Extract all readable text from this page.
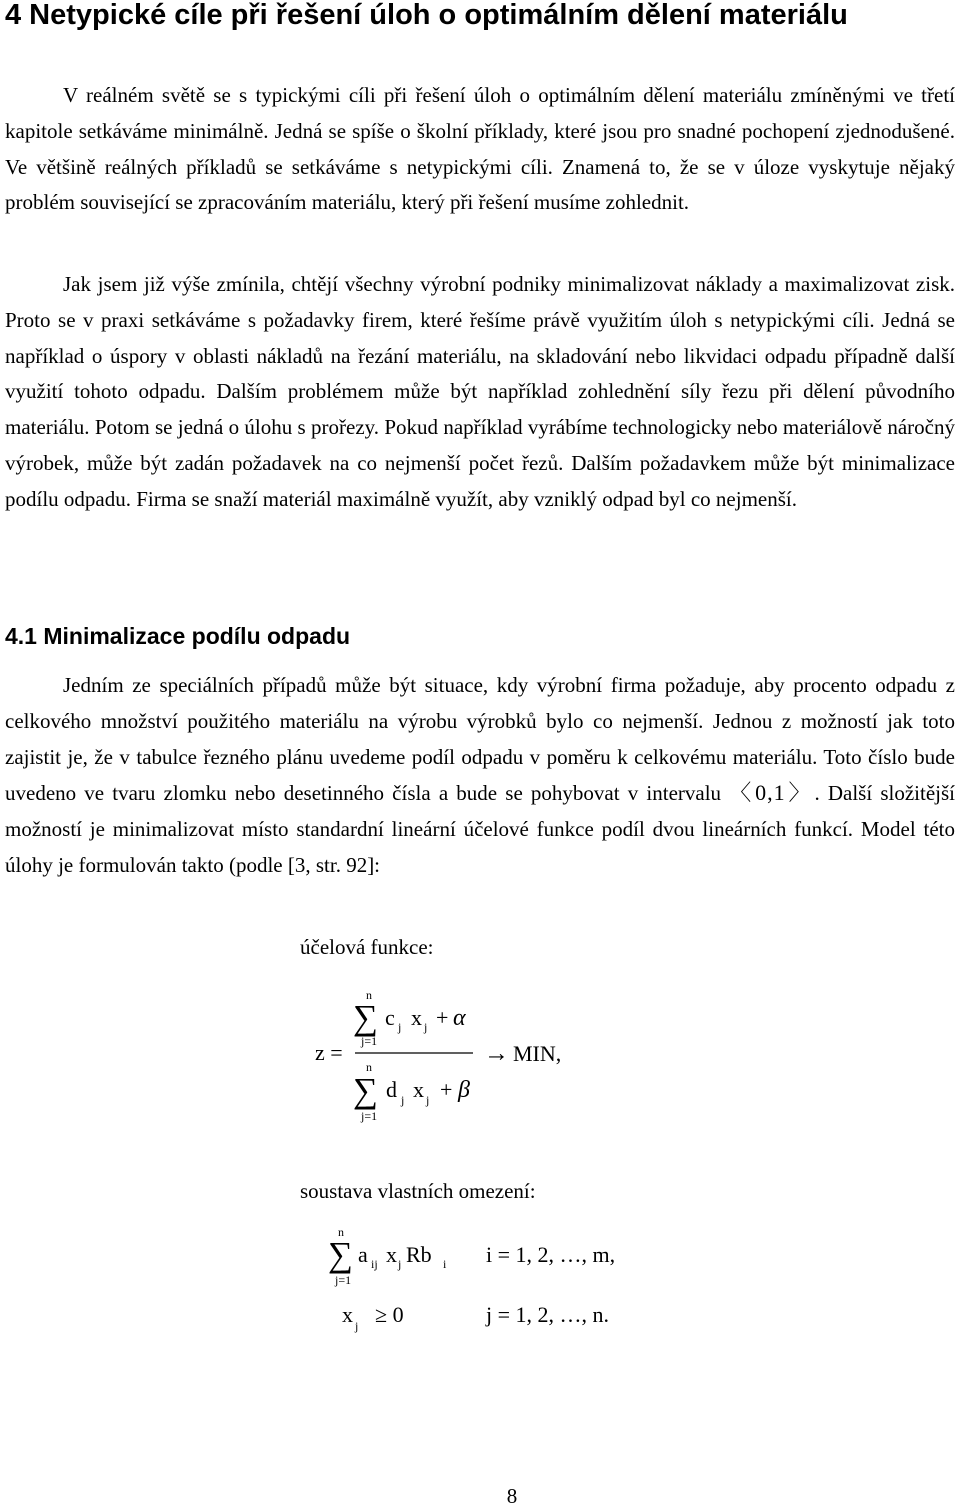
4 Netypické cíle při řešení úloh o optimálním dělení materiálu

V reálném světě se s typickými cíli při řešení úloh o optimálním dělení materiálu zmíněnými ve třetí kapitole setkáváme minimálně. Jedná se spíše o školní příklady, které jsou pro snadné pochopení zjednodušené. Ve většině reálných příkladů se setkáváme s netypickými cíli. Znamená to, že se v úloze vyskytuje nějaký problém související se zpracováním materiálu, který při řešení musíme zohlednit.

Jak jsem již výše zmínila, chtějí všechny výrobní podniky minimalizovat náklady a maximalizovat zisk. Proto se v praxi setkáváme s požadavky firem, které řešíme právě využitím úloh s netypickými cíli. Jedná se například o úspory v oblasti nákladů na řezání materiálu, na skladování nebo likvidaci odpadu případně další využití tohoto odpadu. Dalším problémem může být například zohlednění síly řezu při dělení původního materiálu. Potom se jedná o úlohu s prořezy. Pokud například vyrábíme technologicky nebo materiálově náročný výrobek, může být zadán požadavek na co nejmenší počet řezů. Dalším požadavkem může být minimalizace podílu odpadu. Firma se snaží materiál maximálně využít, aby vzniklý odpad byl co nejmenší.

4.1 Minimalizace podílu odpadu

Jedním ze speciálních případů může být situace, kdy výrobní firma požaduje, aby procento odpadu z celkového množství použitého materiálu na výrobu výrobků bylo co nejmenší. Jednou z možností jak toto zajistit je, že v tabulce řezného plánu uvedeme podíl odpadu v poměru k celkovému materiálu. Toto číslo bude uvedeno ve tvaru zlomku nebo desetinného čísla a bude se pohybovat v intervalu 〈0,1〉. Další složitější možností je minimalizovat místo standardní lineární účelové funkce podíl dvou lineárních funkcí. Model této úlohy je formulován takto (podle [3, str. 92]:

účelová funkce:
z =
n
∑
j=1
c j x j + α
n
∑
j=1
d j x j + β
→ MIN,
soustava vlastních omezení:
n
∑
j=1
a ij x j Rb i i = 1, 2, …, m,
x j ≥ 0	j = 1, 2, …, n.
8
